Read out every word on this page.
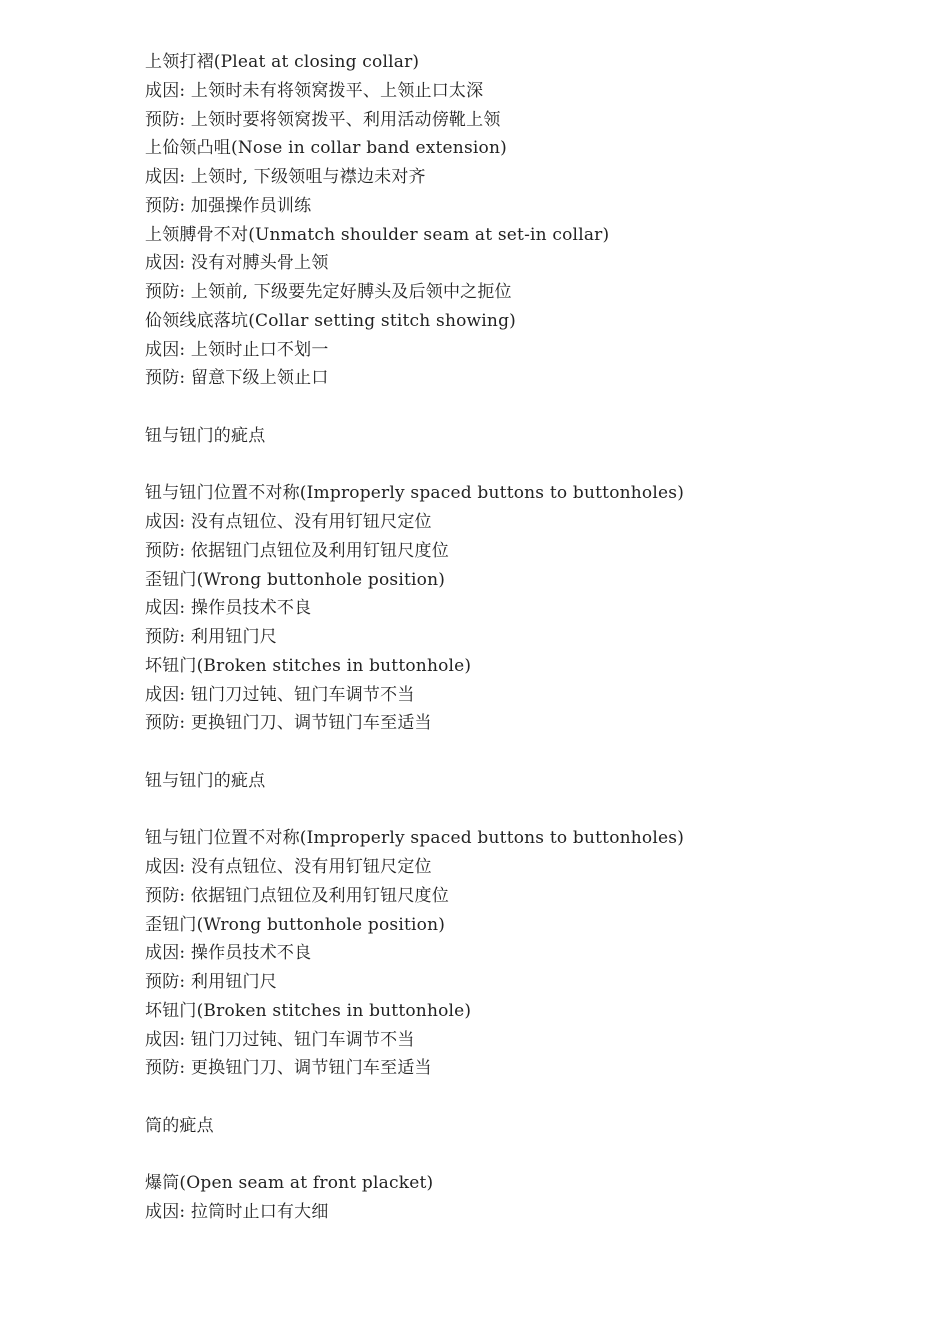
上领打褶(Pleat at closing collar)
成因: 上领时未有将领窝拨平、上领止口太深
预防: 上领时要将领窝拨平、利用活动傍靴上领
上佡领凸咀(Nose in collar band extension)
成因: 上领时, 下级领咀与襟边未对齐
预防: 加强操作员训练
上领膊骨不对(Unmatch shoulder seam at set-in collar)
成因: 没有对膊头骨上领
预防: 上领前, 下级要先定好膊头及后领中之扼位
佡领线底落坑(Collar setting stitch showing)
成因: 上领时止口不划一
预防: 留意下级上领止口
钮与钮门的疵点
钮与钮门位置不对称(Improperly spaced buttons to buttonholes)
成因: 没有点钮位、没有用钉钮尺定位
预防: 依据钮门点钮位及利用钉钮尺度位
歪钮门(Wrong buttonhole position)
成因: 操作员技术不良
预防: 利用钮门尺
坏钮门(Broken stitches in buttonhole)
成因: 钮门刀过钝、钮门车调节不当
预防: 更换钮门刀、调节钮门车至适当
钮与钮门的疵点
钮与钮门位置不对称(Improperly spaced buttons to buttonholes)
成因: 没有点钮位、没有用钉钮尺定位
预防: 依据钮门点钮位及利用钉钮尺度位
歪钮门(Wrong buttonhole position)
成因: 操作员技术不良
预防: 利用钮门尺
坏钮门(Broken stitches in buttonhole)
成因: 钮门刀过钝、钮门车调节不当
预防: 更换钮门刀、调节钮门车至适当
筒的疵点
爆筒(Open seam at front placket)
成因: 拉筒时止口有大细
